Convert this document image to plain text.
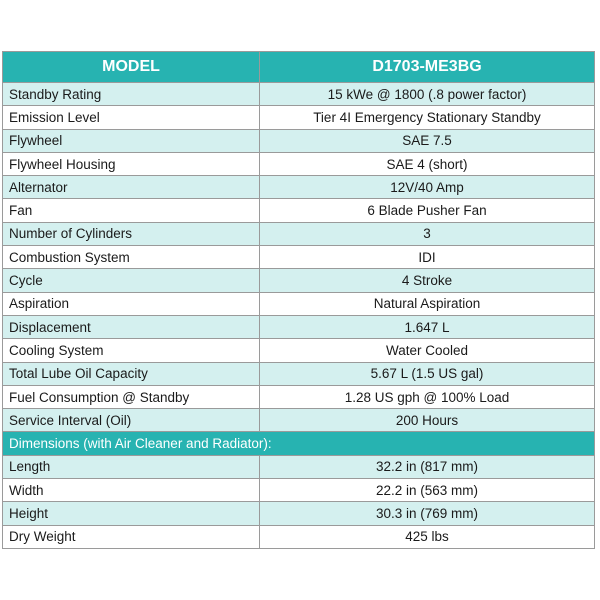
MODEL	D1703-ME3BG
Standby Rating	15 kWe @ 1800 (.8 power factor)
Emission Level	Tier 4I Emergency Stationary Standby
Flywheel	SAE 7.5
Flywheel Housing	SAE 4 (short)
Alternator	12V/40 Amp
Fan	6 Blade Pusher Fan
Number of Cylinders	3
Combustion System	IDI
Cycle	4 Stroke
Aspiration	Natural Aspiration
Displacement	1.647 L
Cooling System	Water Cooled
Total Lube Oil Capacity	5.67 L (1.5 US gal)
Fuel Consumption @ Standby	1.28 US gph @ 100% Load
Service Interval (Oil)	200 Hours
Dimensions (with Air Cleaner and Radiator):	
Length	32.2 in (817 mm)
Width	22.2 in (563 mm)
Height	30.3 in (769 mm)
Dry Weight	425 lbs
